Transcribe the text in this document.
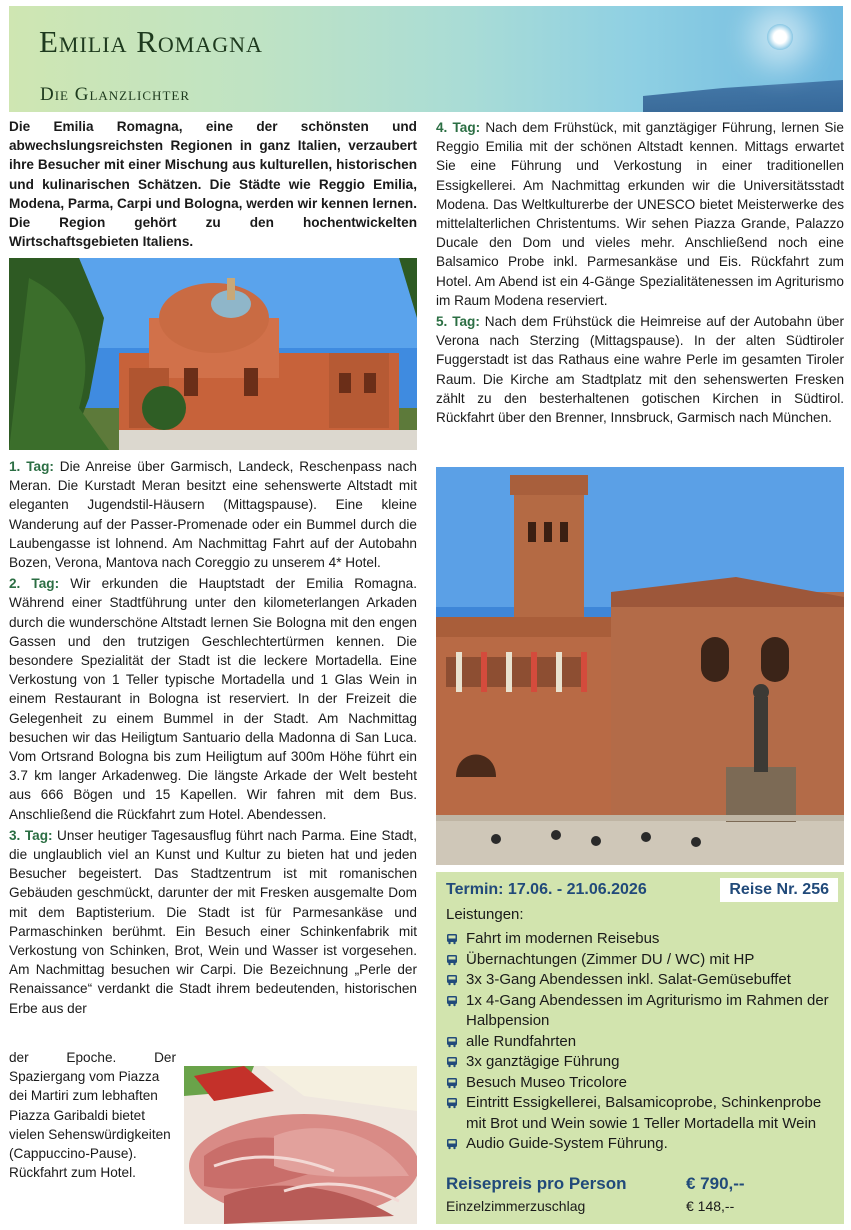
Emilia Romagna
Die Glanzlichter

Die Emilia Romagna, eine der schönsten und abwechslungsreichsten Regionen in ganz Italien, verzaubert ihre Besucher mit einer Mischung aus kulturellen, historischen und kulinarischen Schätzen. Die Städte wie Reggio Emilia, Modena, Parma, Carpi und Bologna, werden wir kennen lernen. Die Region gehört zu den hochentwickelten Wirtschaftsgebieten Italiens.

1. Tag: Die Anreise über Garmisch, Landeck, Reschenpass nach Meran. Die Kurstadt Meran besitzt eine sehenswerte Altstadt mit eleganten Jugendstil-Häusern (Mittagspause). Eine kleine Wanderung auf der Passer-Promenade oder ein Bummel durch die Laubengasse ist lohnend. Am Nachmittag Fahrt auf der Autobahn Bozen, Verona, Mantova nach Coreggio zu unserem 4* Hotel.

2. Tag: Wir erkunden die Hauptstadt der Emilia Romagna. Während einer Stadtführung unter den kilometerlangen Arkaden durch die wunderschöne Altstadt lernen Sie Bologna mit den engen Gassen und den trutzigen Geschlechtertürmen kennen. Die besondere Spezialität der Stadt ist die leckere Mortadella. Eine Verkostung von 1 Teller typische Mortadella und 1 Glas Wein in einem Restaurant in Bologna ist reserviert. In der Freizeit die Gelegenheit zu einem Bummel in der Stadt. Am Nachmittag besuchen wir das Heiligtum Santuario della Madonna di San Luca. Vom Ortsrand Bologna bis zum Heiligtum auf 300m Höhe führt ein 3.7 km langer Arkadenweg. Die längste Arkade der Welt besteht aus 666 Bögen und 15 Kapellen. Wir fahren mit dem Bus. Anschließend die Rückfahrt zum Hotel. Abendessen.

3. Tag: Unser heutiger Tagesausflug führt nach Parma. Eine Stadt, die unglaublich viel an Kunst und Kultur zu bieten hat und jeden Besucher begeistert. Das Stadtzentrum ist mit romanischen Gebäuden geschmückt, darunter der mit Fresken ausgemalte Dom mit dem Baptisterium. Die Stadt ist für Parmesankäse und Parmaschinken berühmt. Ein Besuch einer Schinkenfabrik mit Verkostung von Schinken, Brot, Wein und Wasser ist vorgesehen. Am Nachmittag besuchen wir Carpi. Die Bezeichnung „Perle der Renaissance“ verdankt die Stadt ihrem bedeutenden, historischen Erbe aus der

der          Epoche.          Der
Spaziergang vom Piazza dei Martiri zum lebhaften Piazza Garibaldi bietet vielen Sehenswürdigkeiten (Cappuccino-Pause). Rückfahrt zum Hotel.

4. Tag: Nach dem Frühstück, mit ganztägiger Führung, lernen Sie Reggio Emilia mit der schönen Altstadt kennen. Mittags erwartet Sie eine Führung und Verkostung in einer traditionellen Essigkellerei. Am Nachmittag erkunden wir die Universitätsstadt Modena. Das Weltkulturerbe der UNESCO bietet Meisterwerke des mittelalterlichen Christentums. Wir sehen Piazza Grande, Palazzo Ducale den Dom und vieles mehr. Anschließend noch eine Balsamico Probe inkl. Parmesankäse und Eis. Rückfahrt zum Hotel. Am Abend ist ein 4-Gänge Spezialitätenessen im Agriturismo im Raum Modena reserviert.

5. Tag: Nach dem Frühstück die Heimreise auf der Autobahn über Verona nach Sterzing (Mittagspause). In der alten Südtiroler Fuggerstadt ist das Rathaus eine wahre Perle im gesamten Tiroler Raum. Die Kirche am Stadtplatz mit den sehenswerten Fresken zählt zu den besterhaltenen gotischen Kirchen in Südtirol. Rückfahrt über den Brenner, Innsbruck, Garmisch nach München.

Termin: 17.06. - 21.06.2026	Reise Nr. 256
Leistungen:
Fahrt im modernen Reisebus
Übernachtungen (Zimmer DU / WC) mit HP
3x 3-Gang Abendessen inkl. Salat-Gemüsebuffet
1x 4-Gang Abendessen im Agriturismo im Rahmen der Halbpension
alle Rundfahrten
3x ganztägige Führung
Besuch Museo Tricolore
Eintritt Essigkellerei, Balsamicoprobe, Schinkenprobe mit Brot und Wein sowie 1 Teller Mortadella mit Wein
Audio Guide-System Führung.
Reisepreis pro Person	€ 790,--
Einzelzimmerzuschlag	€ 148,--
